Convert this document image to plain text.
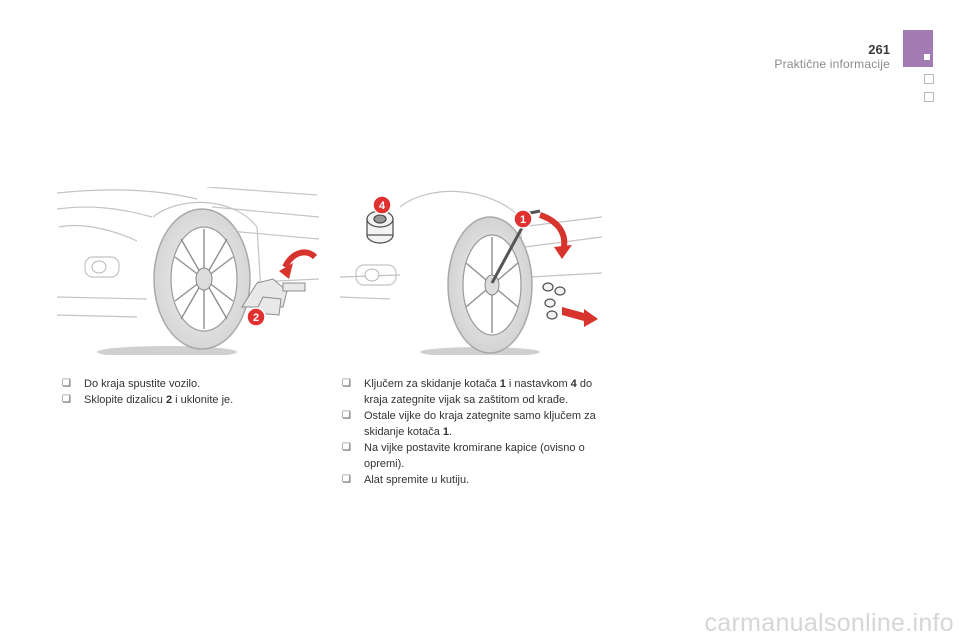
261
Praktične informacije
2
4
1
❏ Do kraja spustite vozilo.
❏ Sklopite dizalicu 2 i uklonite je.
❏ Ključem za skidanje kotača 1 i nastavkom 4 do kraja zategnite vijak sa zaštitom od krađe.
❏ Ostale vijke do kraja zategnite samo ključem za skidanje kotača 1.
❏ Na vijke postavite kromirane kapice (ovisno o opremi).
❏ Alat spremite u kutiju.
carmanualsonline.info
